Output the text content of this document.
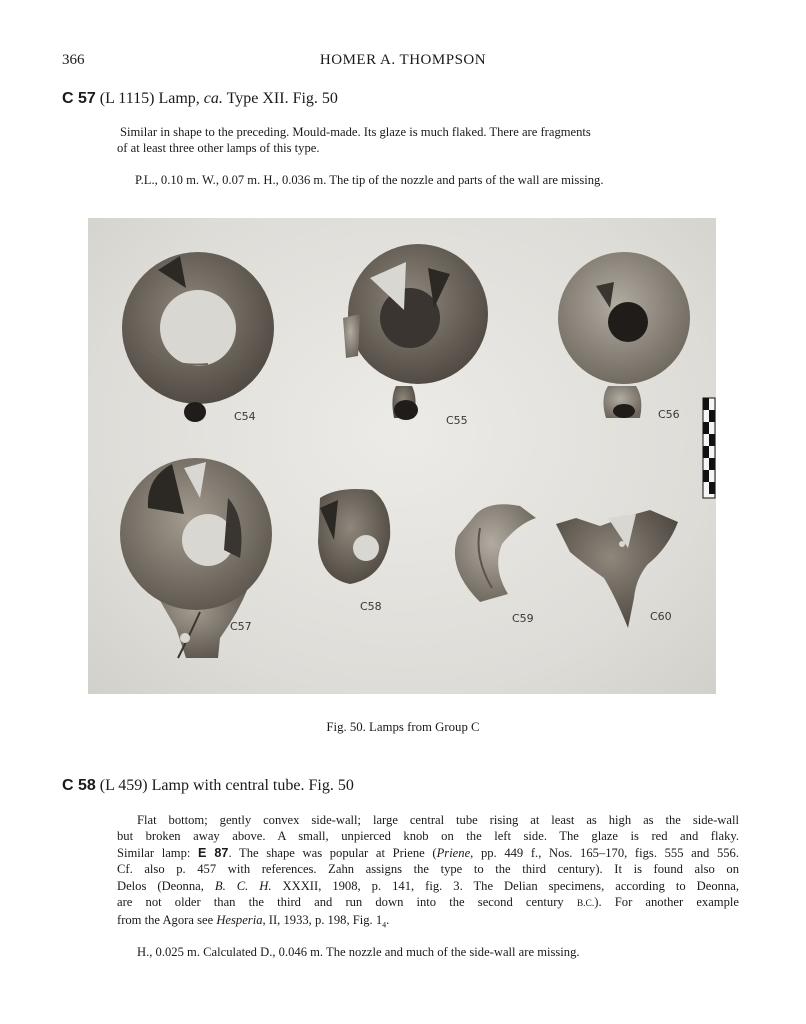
366	HOMER A. THOMPSON
C 57 (L 1115) Lamp, ca. Type XII. Fig. 50
Similar in shape to the preceding. Mould-made. Its glaze is much flaked. There are fragments
of at least three other lamps of this type.
P.L., 0.10 m. W., 0.07 m. H., 0.036 m. The tip of the nozzle and parts of the wall are missing.
C54	C55	C56
C57
C58
C59	C60
Fig. 50. Lamps from Group C
C 58 (L 459) Lamp with central tube. Fig. 50
Flat bottom; gently convex side-wall; large central tube rising at least as high as the side-wall
but broken away above. A small, unpierced knob on the left side. The glaze is red and flaky.
Similar lamp: E 87. The shape was popular at Priene (Priene, pp. 449 f., Nos. 165–170, figs. 555 and 556.
Cf. also p. 457 with references. Zahn assigns the type to the third century). It is found also on
Delos (Deonna, B. C. H. XXXII, 1908, p. 141, fig. 3. The Delian specimens, according to Deonna,
are not older than the third and run down into the second century B.C.). For another example
from the Agora see Hesperia, II, 1933, p. 198, Fig. $1_4$.
H., 0.025 m. Calculated D., 0.046 m. The nozzle and much of the side-wall are missing.
